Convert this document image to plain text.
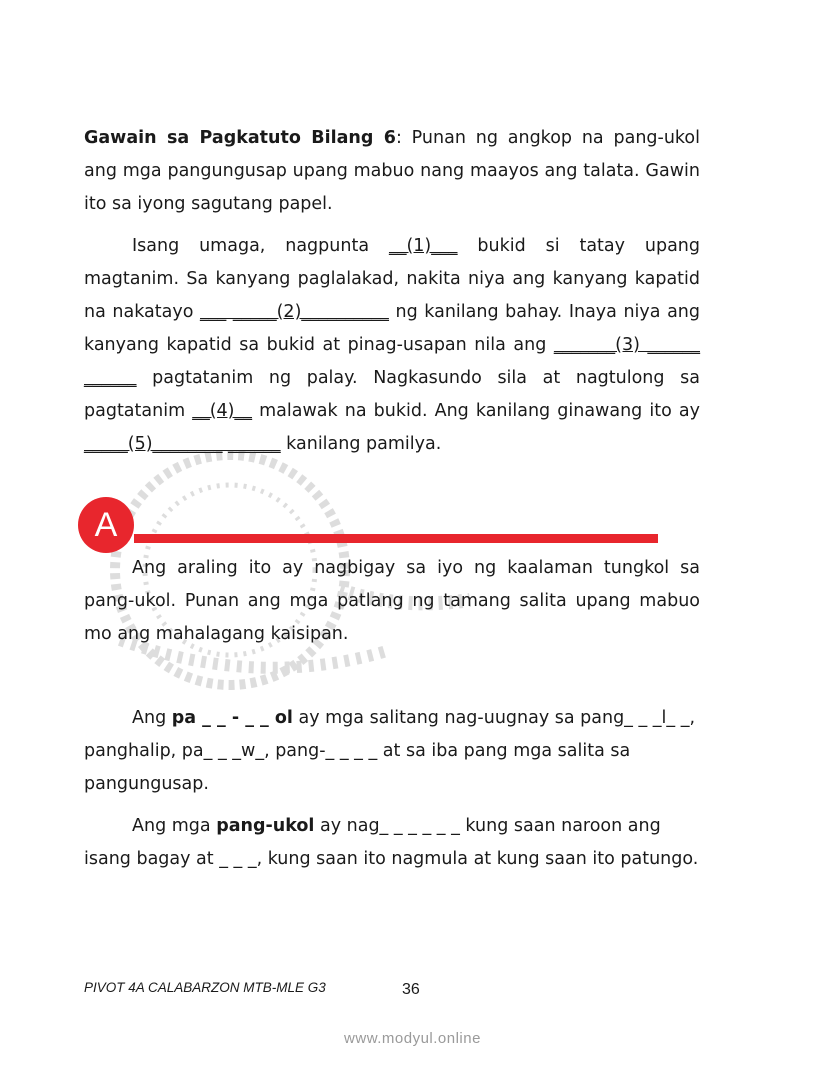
Gawain sa Pagkatuto Bilang 6: Punan ng angkop na pang-ukol ang mga pangungusap upang mabuo nang maayos ang talata. Gawin ito sa iyong sagutang papel.

Isang umaga, nagpunta __(1)___ bukid si tatay upang magtanim. Sa kanyang paglalakad, nakita niya ang kanyang kapatid na nakatayo ___ _____(2)__________ ng kanilang bahay. Inaya niya ang kanyang kapatid sa bukid at pinag-usapan nila ang _______(3) ______ ______ pagtatanim ng palay. Nagkasundo sila at nagtulong sa pagtatanim __(4)__ malawak na bukid. Ang kanilang ginawang ito ay _____(5)________ ______ kanilang pamilya.

A

Ang araling ito ay nagbigay sa iyo ng kaalaman tungkol sa pang-ukol. Punan ang mga patlang ng tamang salita upang mabuo mo ang mahalagang kaisipan.

Ang pa _ _ - _ _ ol ay mga salitang nag-uugnay sa pang_ _ _l_ _, panghalip, pa_ _ _w_, pang-_ _ _ _ at sa iba pang mga salita sa pangungusap.

Ang mga pang-ukol ay nag_ _ _ _ _ _ kung saan naroon ang isang bagay at _ _ _, kung saan ito nagmula at kung saan ito patungo.

PIVOT 4A CALABARZON MTB-MLE G3	36
www.modyul.online
